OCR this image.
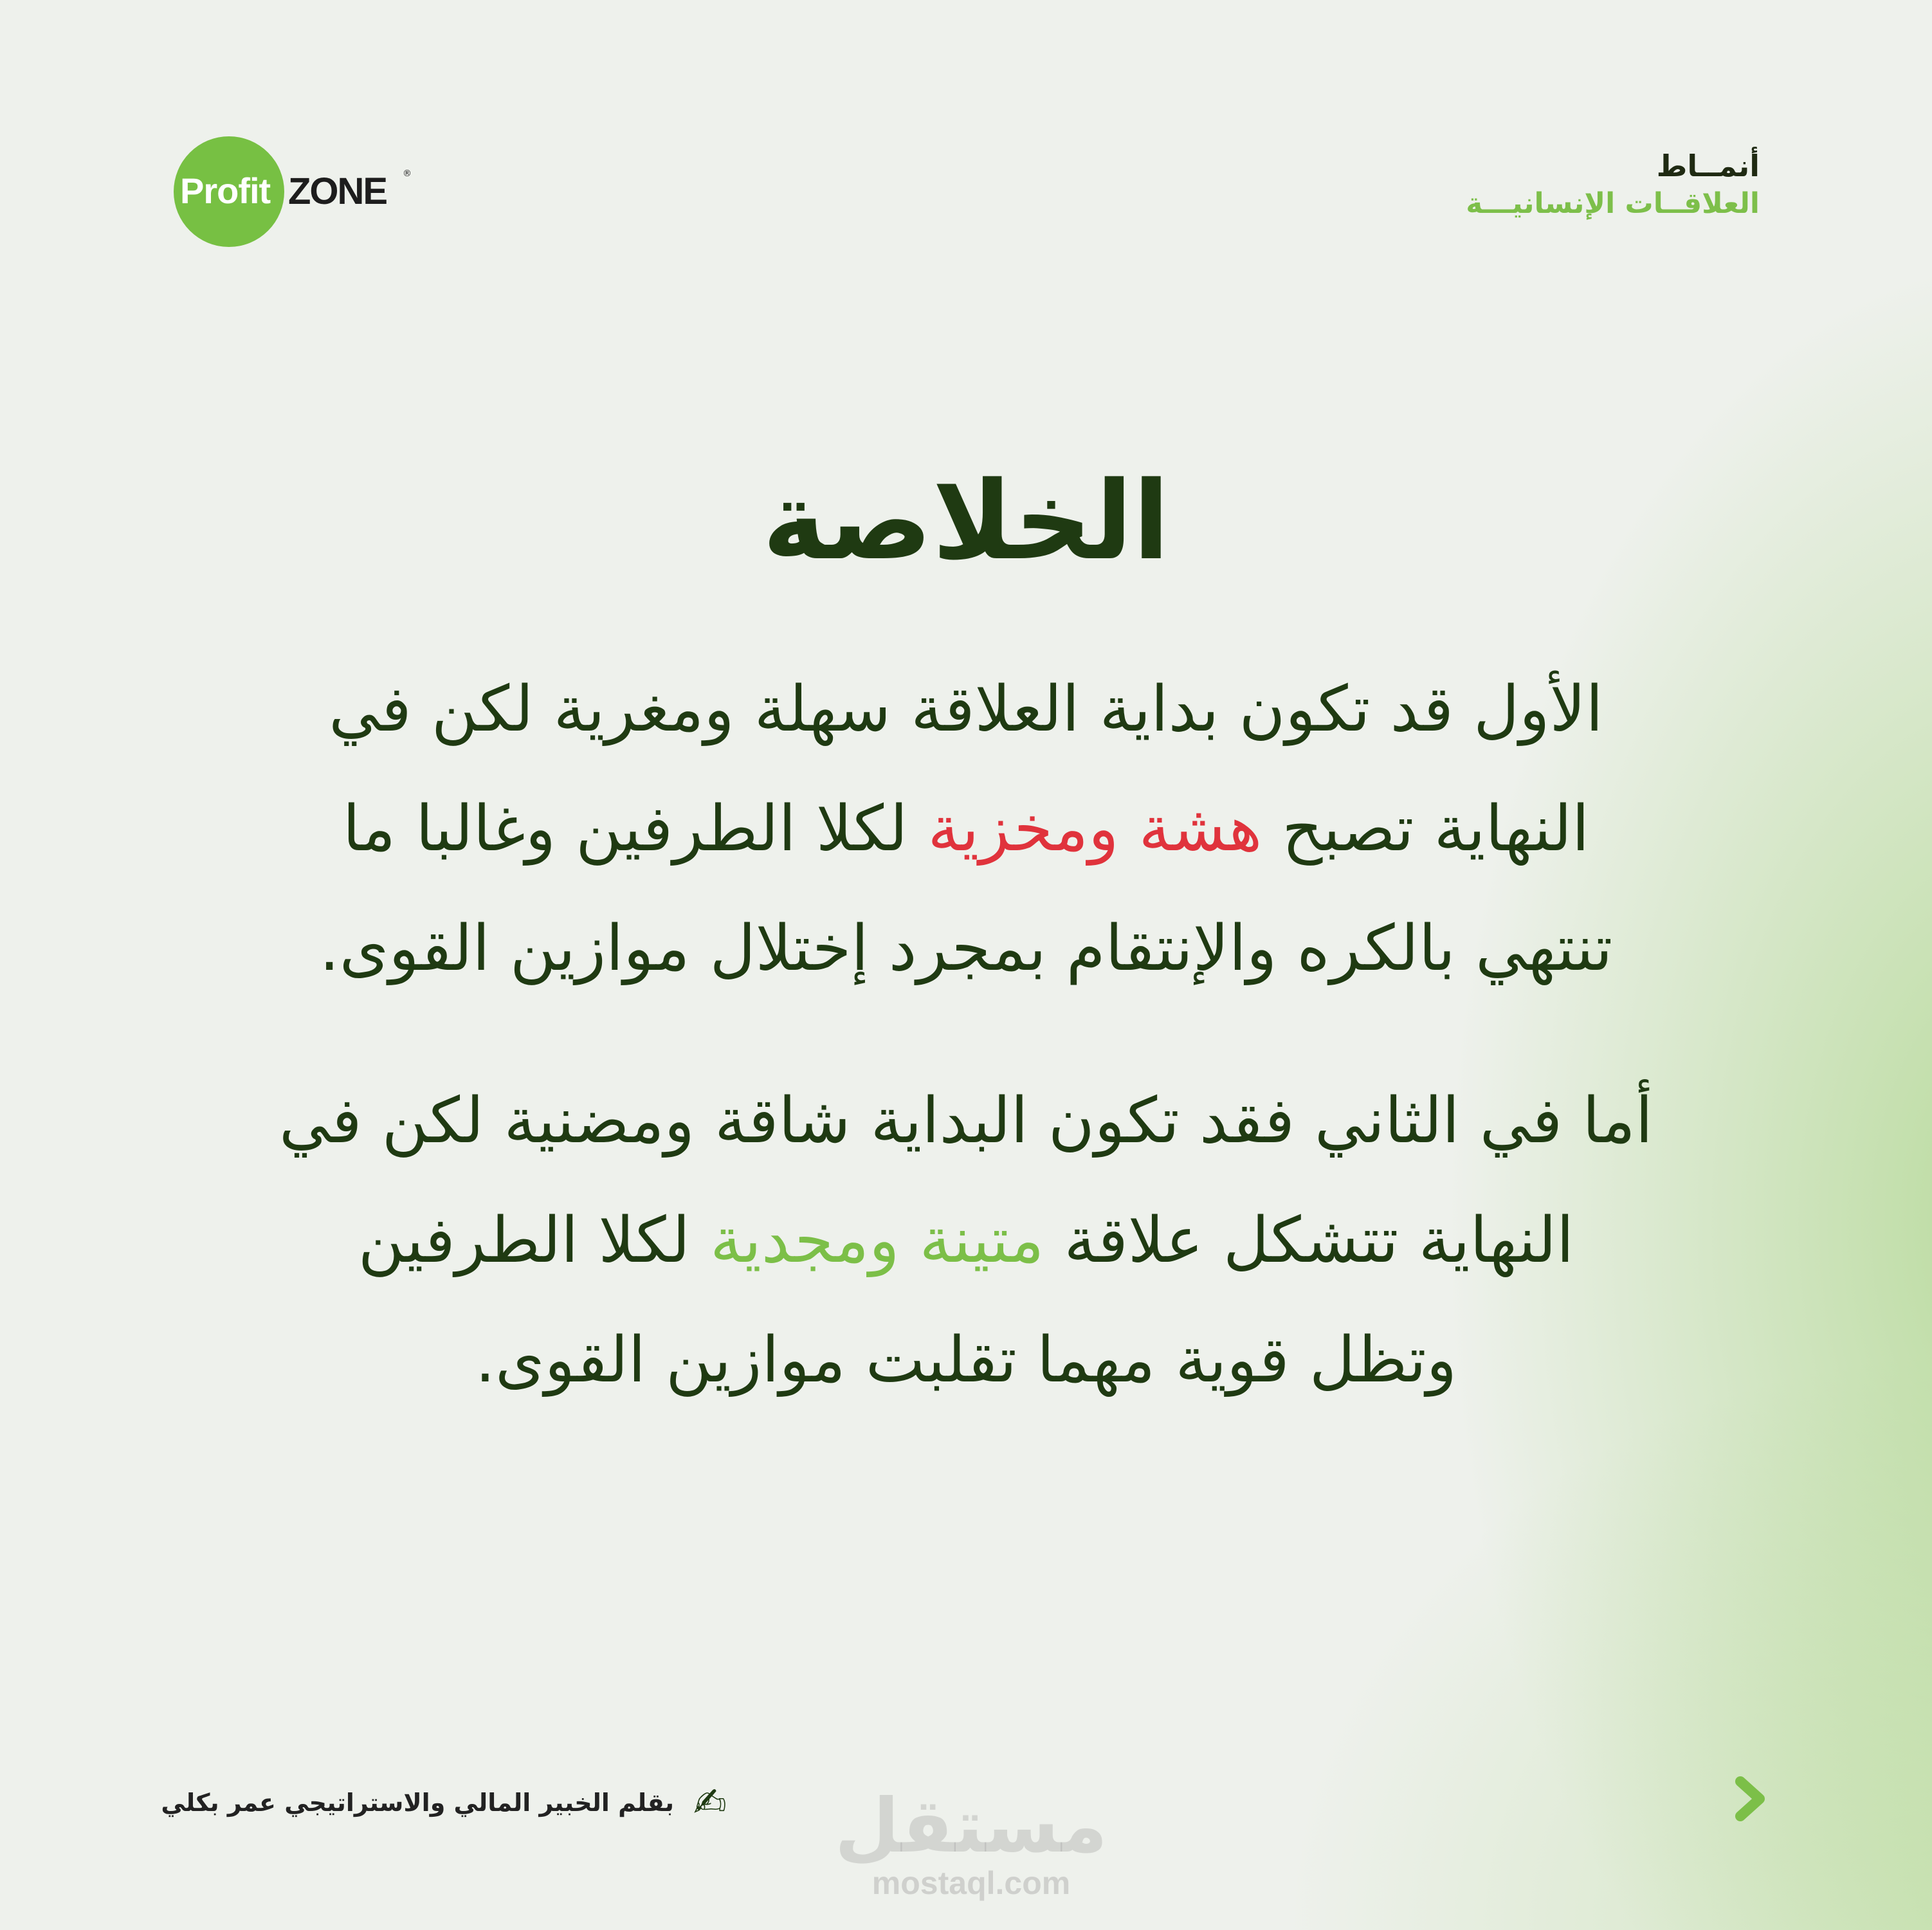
Profit ZONE ®	أنمــاط
العلاقــات الإنسانيـــة
الخلاصة
الأول قد تكون بداية العلاقة سهلة ومغرية لكن في
النهاية تصبح هشة ومخزية لكلا الطرفين وغالبا ما
تنتهي بالكره والإنتقام بمجرد إختلال موازين القوى.
أما في الثاني فقد تكون البداية شاقة ومضنية لكن في
النهاية تتشكل علاقة متينة ومجدية لكلا الطرفين
وتظل قوية مهما تقلبت موازين القوى.
✍
بقلم الخبير المالي والاستراتيجي عمر بكلي مستقل
mostaql.com
